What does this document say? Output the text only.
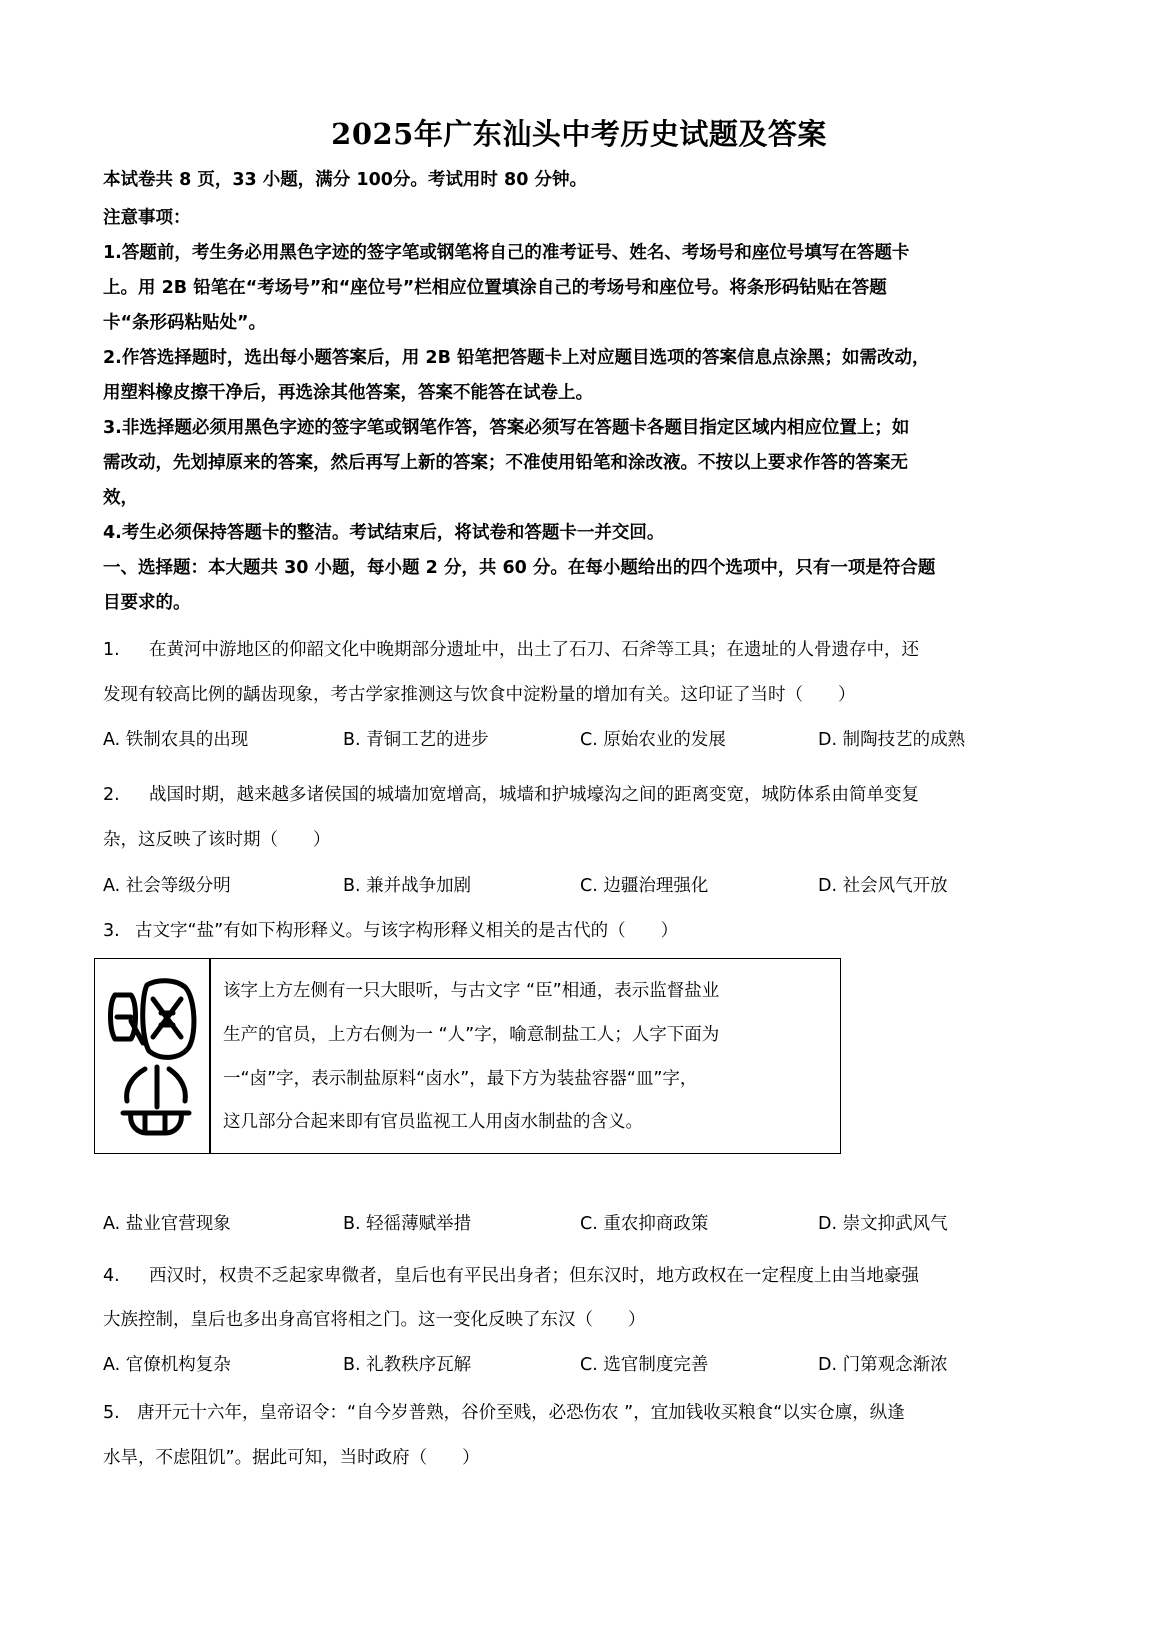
2025年广东汕头中考历史试题及答案
本试卷共 8 页，33 小题，满分 100分。考试用时 80 分钟。
注意事项：
1.答题前，考生务必用黑色字迹的签字笔或钢笔将自己的准考证号、姓名、考场号和座位号填写在答题卡
上。用 2B 铅笔在“考场号”和“座位号”栏相应位置填涂自己的考场号和座位号。将条形码钻贴在答题
卡“条形码粘贴处”。
2.作答选择题时，选出每小题答案后，用 2B 铅笔把答题卡上对应题目选项的答案信息点涂黑；如需改动，
用塑料橡皮擦干净后，再选涂其他答案，答案不能答在试卷上。
3.非选择题必须用黑色字迹的签字笔或钢笔作答，答案必须写在答题卡各题目指定区域内相应位置上；如
需改动，先划掉原来的答案，然后再写上新的答案；不准使用铅笔和涂改液。不按以上要求作答的答案无
效，
4.考生必须保持答题卡的整洁。考试结束后，将试卷和答题卡一并交回。
一、选择题：本大题共 30 小题，每小题 2 分，共 60 分。在每小题给出的四个选项中，只有一项是符合题
目要求的。
1. 在黄河中游地区的仰韶文化中晚期部分遗址中，出土了石刀、石斧等工具；在遗址的人骨遗存中，还
发现有较高比例的龋齿现象，考古学家推测这与饮食中淀粉量的增加有关。这印证了当时（　　）
A. 铁制农具的出现	B. 青铜工艺的进步	C. 原始农业的发展	D. 制陶技艺的成熟
2. 战国时期，越来越多诸侯国的城墙加宽增高，城墙和护城壕沟之间的距离变宽，城防体系由简单变复
杂，这反映了该时期（　　）
A. 社会等级分明	B. 兼并战争加剧	C. 边疆治理强化	D. 社会风气开放
3. 古文字“盐”有如下构形释义。与该字构形释义相关的是古代的（　　）
该字上方左侧有一只大眼听，与古文字 “臣”相通，表示监督盐业
生产的官员，上方右侧为一 “人”字，喻意制盐工人；人字下面为
一“卤”字，表示制盐原料“卤水”，最下方为装盐容器“皿”字，
这几部分合起来即有官员监视工人用卤水制盐的含义。
A. 盐业官营现象	B. 轻徭薄赋举措	C. 重农抑商政策	D. 崇文抑武风气
4. 西汉时，权贵不乏起家卑微者，皇后也有平民出身者；但东汉时，地方政权在一定程度上由当地豪强
大族控制，皇后也多出身高官将相之门。这一变化反映了东汉（　　）
A. 官僚机构复杂	B. 礼教秩序瓦解	C. 选官制度完善	D. 门第观念渐浓
5. 唐开元十六年，皇帝诏令：“自今岁普熟，谷价至贱，必恐伤农 ”，宜加钱收买粮食“以实仓廪，纵逢
水旱，不虑阻饥”。据此可知，当时政府（　　）
